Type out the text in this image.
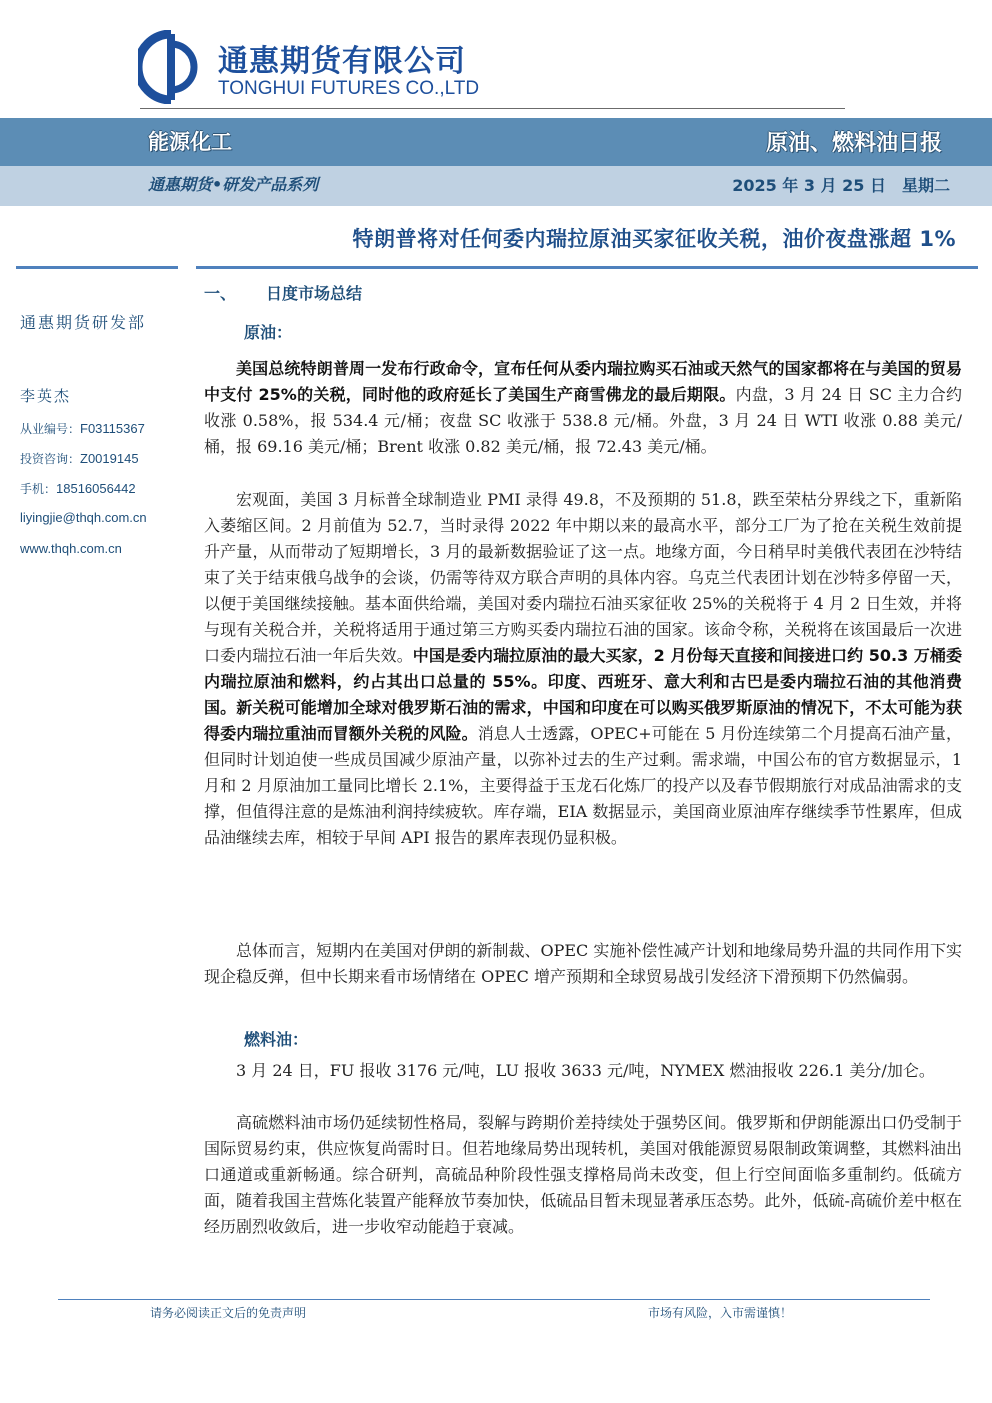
通惠期货有限公司
TONGHUI FUTURES CO.,LTD
能源化工	原油、燃料油日报
通惠期货•研发产品系列	2025 年 3 月 25 日　星期二
特朗普将对任何委内瑞拉原油买家征收关税，油价夜盘涨超 1%
通惠期货研发部
李英杰
从业编号：F03115367
投资咨询：Z0019145
手机：18516056442
liyingjie@thqh.com.cn
www.thqh.com.cn
一、 日度市场总结
原油：

美国总统特朗普周一发布行政命令，宣布任何从委内瑞拉购买石油或天然气的国家都将在与美国的贸易中支付 25%的关税，同时他的政府延长了美国生产商雪佛龙的最后期限。内盘，3 月 24 日 SC 主力合约收涨 0.58%，报 534.4 元/桶；夜盘 SC 收涨于 538.8 元/桶。外盘，3 月 24 日 WTI 收涨 0.88 美元/桶，报 69.16 美元/桶；Brent 收涨 0.82 美元/桶，报 72.43 美元/桶。

宏观面，美国 3 月标普全球制造业 PMI 录得 49.8，不及预期的 51.8，跌至荣枯分界线之下，重新陷入萎缩区间。2 月前值为 52.7，当时录得 2022 年中期以来的最高水平，部分工厂为了抢在关税生效前提升产量，从而带动了短期增长，3 月的最新数据验证了这一点。地缘方面，今日稍早时美俄代表团在沙特结束了关于结束俄乌战争的会谈，仍需等待双方联合声明的具体内容。乌克兰代表团计划在沙特多停留一天，以便于美国继续接触。基本面供给端，美国对委内瑞拉石油买家征收 25%的关税将于 4 月 2 日生效，并将与现有关税合并，关税将适用于通过第三方购买委内瑞拉石油的国家。该命令称，关税将在该国最后一次进口委内瑞拉石油一年后失效。中国是委内瑞拉原油的最大买家，2 月份每天直接和间接进口约 50.3 万桶委内瑞拉原油和燃料，约占其出口总量的 55%。印度、西班牙、意大利和古巴是委内瑞拉石油的其他消费国。新关税可能增加全球对俄罗斯石油的需求，中国和印度在可以购买俄罗斯原油的情况下，不太可能为获得委内瑞拉重油而冒额外关税的风险。消息人士透露，OPEC+可能在 5 月份连续第二个月提高石油产量，但同时计划迫使一些成员国减少原油产量，以弥补过去的生产过剩。需求端，中国公布的官方数据显示，1 月和 2 月原油加工量同比增长 2.1%，主要得益于玉龙石化炼厂的投产以及春节假期旅行对成品油需求的支撑，但值得注意的是炼油利润持续疲软。库存端，EIA 数据显示，美国商业原油库存继续季节性累库，但成品油继续去库，相较于早间 API 报告的累库表现仍显积极。

总体而言，短期内在美国对伊朗的新制裁、OPEC 实施补偿性减产计划和地缘局势升温的共同作用下实现企稳反弹，但中长期来看市场情绪在 OPEC 增产预期和全球贸易战引发经济下滑预期下仍然偏弱。

燃料油：

3 月 24 日，FU 报收 3176 元/吨，LU 报收 3633 元/吨，NYMEX 燃油报收 226.1 美分/加仑。

高硫燃料油市场仍延续韧性格局，裂解与跨期价差持续处于强势区间。俄罗斯和伊朗能源出口仍受制于国际贸易约束，供应恢复尚需时日。但若地缘局势出现转机，美国对俄能源贸易限制政策调整，其燃料油出口通道或重新畅通。综合研判，高硫品种阶段性强支撑格局尚未改变，但上行空间面临多重制约。低硫方面，随着我国主营炼化装置产能释放节奏加快，低硫品目暂未现显著承压态势。此外，低硫-高硫价差中枢在经历剧烈收敛后，进一步收窄动能趋于衰减。

请务必阅读正文后的免责声明	市场有风险，入市需谨慎！
